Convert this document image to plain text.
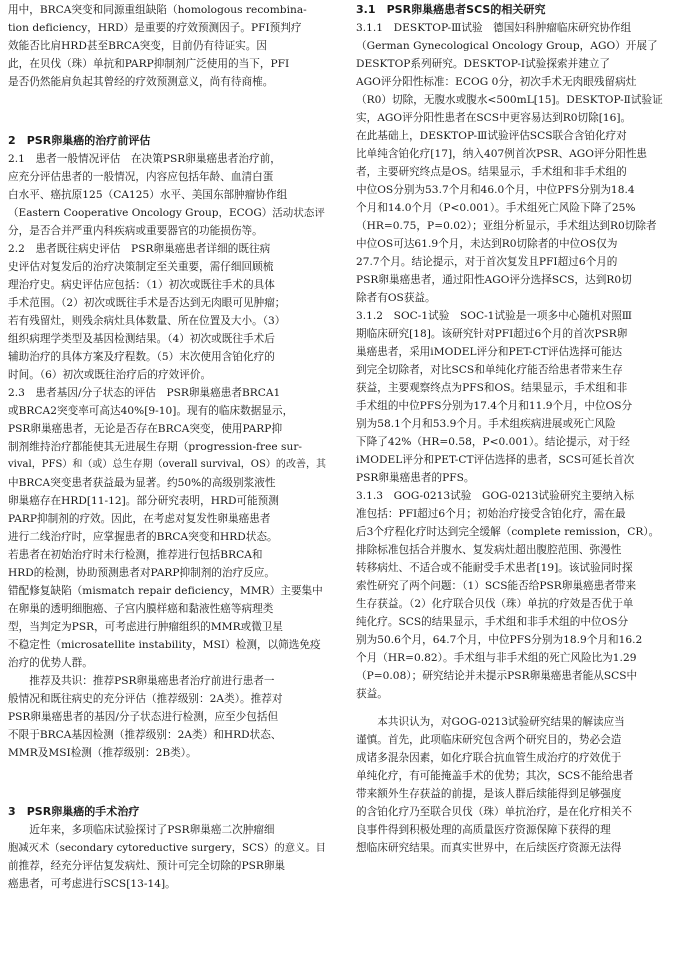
用中，BRCA突变和同源重组缺陷（homologous recombina-
tion deficiency，HRD）是重要的疗效预测因子。PFI预判疗
效能否比肩HRD甚至BRCA突变，目前仍有待证实。因
此，在贝伐（珠）单抗和PARP抑制剂广泛使用的当下，PFI
是否仍然能肩负起其曾经的疗效预测意义，尚有待商榷。
2　PSR卵巢癌的治疗前评估
2.1　患者一般情况评估　在决策PSR卵巢癌患者治疗前，
应充分评估患者的一般情况，内容应包括年龄、血清白蛋
白水平、癌抗原125（CA125）水平、美国东部肿瘤协作组
（Eastern Cooperative Oncology Group，ECOG）活动状态评
分，是否合并严重内科疾病或重要器官的功能损伤等。
2.2　患者既往病史评估　PSR卵巢癌患者详细的既往病
史评估对复发后的治疗决策制定至关重要，需仔细回顾梳
理治疗史。病史评估应包括：（1）初次或既往手术的具体
手术范围。（2）初次或既往手术是否达到无肉眼可见肿瘤；
若有残留灶，则残余病灶具体数量、所在位置及大小。（3）
组织病理学类型及基因检测结果。（4）初次或既往手术后
辅助治疗的具体方案及疗程数。（5）末次使用含铂化疗的
时间。（6）初次或既往治疗后的疗效评价。
2.3　患者基因/分子状态的评估　PSR卵巢癌患者BRCA1
或BRCA2突变率可高达40%[9-10]。现有的临床数据显示，
PSR卵巢癌患者，无论是否存在BRCA突变，使用PARP抑
制剂维持治疗都能使其无进展生存期（progression-free sur-
vival，PFS）和（或）总生存期（overall survival，OS）的改善，其
中BRCA突变患者获益最为显著。约50%的高级别浆液性
卵巢癌存在HRD[11-12]。部分研究表明，HRD可能预测
PARP抑制剂的疗效。因此，在考虑对复发性卵巢癌患者
进行二线治疗时，应掌握患者的BRCA突变和HRD状态。
若患者在初始治疗时未行检测，推荐进行包括BRCA和
HRD的检测，协助预测患者对PARP抑制剂的治疗反应。
错配修复缺陷（mismatch repair deficiency，MMR）主要集中
在卵巢的透明细胞癌、子宫内膜样癌和黏液性癌等病理类
型，当判定为PSR，可考虑进行肿瘤组织的MMR或微卫星
不稳定性（microsatellite instability，MSI）检测，以筛选免疫
治疗的优势人群。
　　推荐及共识：推荐PSR卵巢癌患者治疗前进行患者一
般情况和既往病史的充分评估（推荐级别：2A类）。推荐对
PSR卵巢癌患者的基因/分子状态进行检测，应至少包括但
不限于BRCA基因检测（推荐级别：2A类）和HRD状态、
MMR及MSI检测（推荐级别：2B类）。
3　PSR卵巢癌的手术治疗
　　近年来，多项临床试验探讨了PSR卵巢癌二次肿瘤细
胞减灭术（secondary cytoreductive surgery，SCS）的意义。目
前推荐，经充分评估复发病灶、预计可完全切除的PSR卵巢
癌患者，可考虑进行SCS[13-14]。
3.1　PSR卵巢癌患者SCS的相关研究
3.1.1　DESKTOP-Ⅲ试验　德国妇科肿瘤临床研究协作组
（German Gynecological Oncology Group，AGO）开展了
DESKTOP系列研究。DESKTOP-Ⅰ试验探索并建立了
AGO评分阳性标准：ECOG 0分，初次手术无肉眼残留病灶
（R0）切除，无腹水或腹水<500mL[15]。DESKTOP-Ⅱ试验证
实，AGO评分阳性患者在SCS中更容易达到R0切除[16]。
在此基础上，DESKTOP-Ⅲ试验评估SCS联合含铂化疗对
比单纯含铂化疗[17]，纳入407例首次PSR、AGO评分阳性患
者，主要研究终点是OS。结果显示，手术组和非手术组的
中位OS分别为53.7个月和46.0个月，中位PFS分别为18.4
个月和14.0个月（P<0.001）。手术组死亡风险下降了25%
（HR=0.75，P=0.02）；亚组分析显示，手术组达到R0切除者
中位OS可达61.9个月，未达到R0切除者的中位OS仅为
27.7个月。结论提示，对于首次复发且PFI超过6个月的
PSR卵巢癌患者，通过阳性AGO评分选择SCS，达到R0切
除者有OS获益。
3.1.2　SOC-1试验　SOC-1试验是一项多中心随机对照Ⅲ
期临床研究[18]。该研究针对PFI超过6个月的首次PSR卵
巢癌患者，采用iMODEL评分和PET-CT评估选择可能达
到完全切除者，对比SCS和单纯化疗能否给患者带来生存
获益，主要观察终点为PFS和OS。结果显示，手术组和非
手术组的中位PFS分别为17.4个月和11.9个月，中位OS分
别为58.1个月和53.9个月。手术组疾病进展或死亡风险
下降了42%（HR=0.58，P<0.001）。结论提示，对于经
iMODEL评分和PET-CT评估选择的患者，SCS可延长首次
PSR卵巢癌患者的PFS。
3.1.3　GOG-0213试验　GOG-0213试验研究主要纳入标
准包括：PFI超过6个月；初始治疗接受含铂化疗，需在最
后3个疗程化疗时达到完全缓解（complete remission，CR）。
排除标准包括合并腹水、复发病灶超出腹腔范围、弥漫性
转移病灶、不适合或不能耐受手术患者[19]。该试验同时探
索性研究了两个问题：（1）SCS能否给PSR卵巢癌患者带来
生存获益。（2）化疗联合贝伐（珠）单抗的疗效是否优于单
纯化疗。SCS的结果显示，手术组和非手术组的中位OS分
别为50.6个月，64.7个月，中位PFS分别为18.9个月和16.2
个月（HR=0.82）。手术组与非手术组的死亡风险比为1.29
（P=0.08）；研究结论并未提示PSR卵巢癌患者能从SCS中
获益。
　　本共识认为，对GOG-0213试验研究结果的解读应当
谨慎。首先，此项临床研究包含两个研究目的，势必会造
成诸多混杂因素，如化疗联合抗血管生成治疗的疗效优于
单纯化疗，有可能掩盖手术的优势；其次，SCS不能给患者
带来额外生存获益的前提，是该人群后续能得到足够强度
的含铂化疗乃至联合贝伐（珠）单抗治疗，是在化疗相关不
良事件得到积极处理的高质量医疗资源保障下获得的理
想临床研究结果。而真实世界中，在后续医疗资源无法得
